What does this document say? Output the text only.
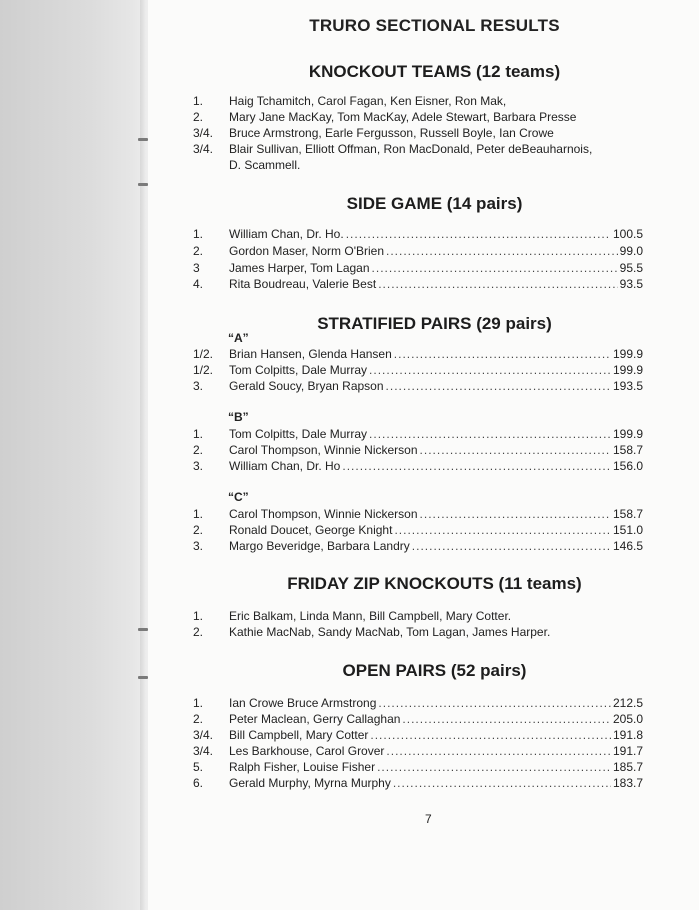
TRURO SECTIONAL RESULTS
KNOCKOUT TEAMS (12 teams)
1.	Haig Tchamitch, Carol Fagan, Ken Eisner, Ron Mak,
2.	Mary Jane MacKay, Tom MacKay, Adele Stewart, Barbara Presse
3/4.	Bruce Armstrong, Earle Fergusson, Russell Boyle, Ian Crowe
3/4.	Blair Sullivan, Elliott Offman, Ron MacDonald, Peter deBeauharnois,
D. Scammell.
SIDE GAME (14 pairs)
1.	William Chan, Dr. Ho. .....	100.5
2.	Gordon Maser, Norm O'Brien .....	99.0
3	James Harper, Tom Lagan .....	95.5
4.	Rita Boudreau, Valerie Best .....	93.5
STRATIFIED PAIRS (29 pairs)
“A”
1/2.	Brian Hansen, Glenda Hansen .....	199.9
1/2.	Tom Colpitts, Dale Murray .....	199.9
3.	Gerald Soucy, Bryan Rapson .....	193.5
“B”
1.	Tom Colpitts, Dale Murray .....	199.9
2.	Carol Thompson, Winnie Nickerson .....	158.7
3.	William Chan, Dr. Ho .....	156.0
“C”
1.	Carol Thompson, Winnie Nickerson .....	158.7
2.	Ronald Doucet, George Knight .....	151.0
3.	Margo Beveridge, Barbara Landry .....	146.5
FRIDAY ZIP KNOCKOUTS (11 teams)
1.	Eric Balkam, Linda Mann, Bill Campbell, Mary Cotter.
2.	Kathie MacNab, Sandy MacNab, Tom Lagan, James Harper.
OPEN PAIRS (52 pairs)
1.	Ian Crowe Bruce Armstrong .....	212.5
2.	Peter Maclean, Gerry Callaghan .....	205.0
3/4.	Bill Campbell, Mary Cotter .....	191.8
3/4.	Les Barkhouse, Carol Grover .....	191.7
5.	Ralph Fisher, Louise Fisher .....	185.7
6.	Gerald Murphy, Myrna Murphy .....	183.7
7
